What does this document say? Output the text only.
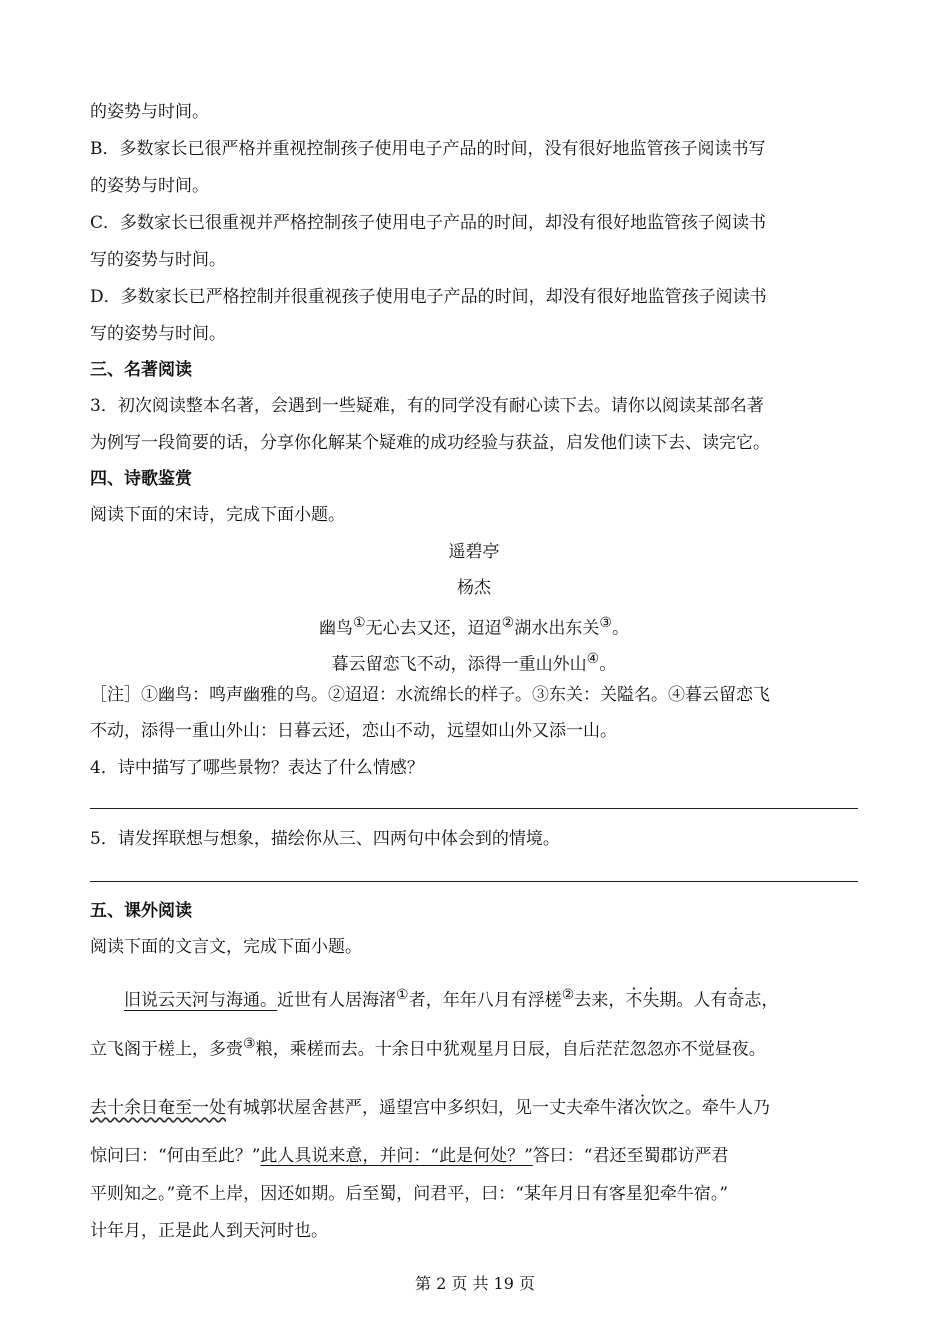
的姿势与时间。
B．多数家长已很严格并重视控制孩子使用电子产品的时间，没有很好地监管孩子阅读书写
的姿势与时间。
C．多数家长已很重视并严格控制孩子使用电子产品的时间，却没有很好地监管孩子阅读书
写的姿势与时间。
D．多数家长已严格控制并很重视孩子使用电子产品的时间，却没有很好地监管孩子阅读书
写的姿势与时间。
三、名著阅读
3．初次阅读整本名著，会遇到一些疑难，有的同学没有耐心读下去。请你以阅读某部名著
为例写一段简要的话，分享你化解某个疑难的成功经验与获益，启发他们读下去、读完它。
四、诗歌鉴赏
阅读下面的宋诗，完成下面小题。
遥碧亭
杨杰
幽鸟①无心去又还，迢迢②湖水出东关③。
暮云留恋飞不动，添得一重山外山④。
［注］①幽鸟：鸣声幽雅的鸟。②迢迢：水流绵长的样子。③东关：关隘名。④暮云留恋飞
不动，添得一重山外山：日暮云还，恋山不动，远望如山外又添一山。
4．诗中描写了哪些景物？表达了什么情感？
5．请发挥联想与想象，描绘你从三、四两句中体会到的情境。
五、课外阅读
阅读下面的文言文，完成下面小题。
旧说云天河与海通。近世有人居海渚①者，年年八月有浮槎②去来，不失期。人有奇志，
立飞阁于槎上，多赍③粮，乘槎而去。十余日中犹观星月日辰，自后茫茫忽忽亦不觉昼夜。
去十余日奄至一处有城郭状屋舍甚严，遥望宫中多织妇，见一丈夫牵牛渚次饮之。牵牛人乃
惊问曰：“何由至此？”此人具说来意，并问：“此是何处？”答曰：“君还至蜀郡访严君
平则知之。”竟不上岸，因还如期。后至蜀，问君平，曰：“某年月日有客星犯牵牛宿。”
计年月，正是此人到天河时也。
第 2 页 共 19 页
